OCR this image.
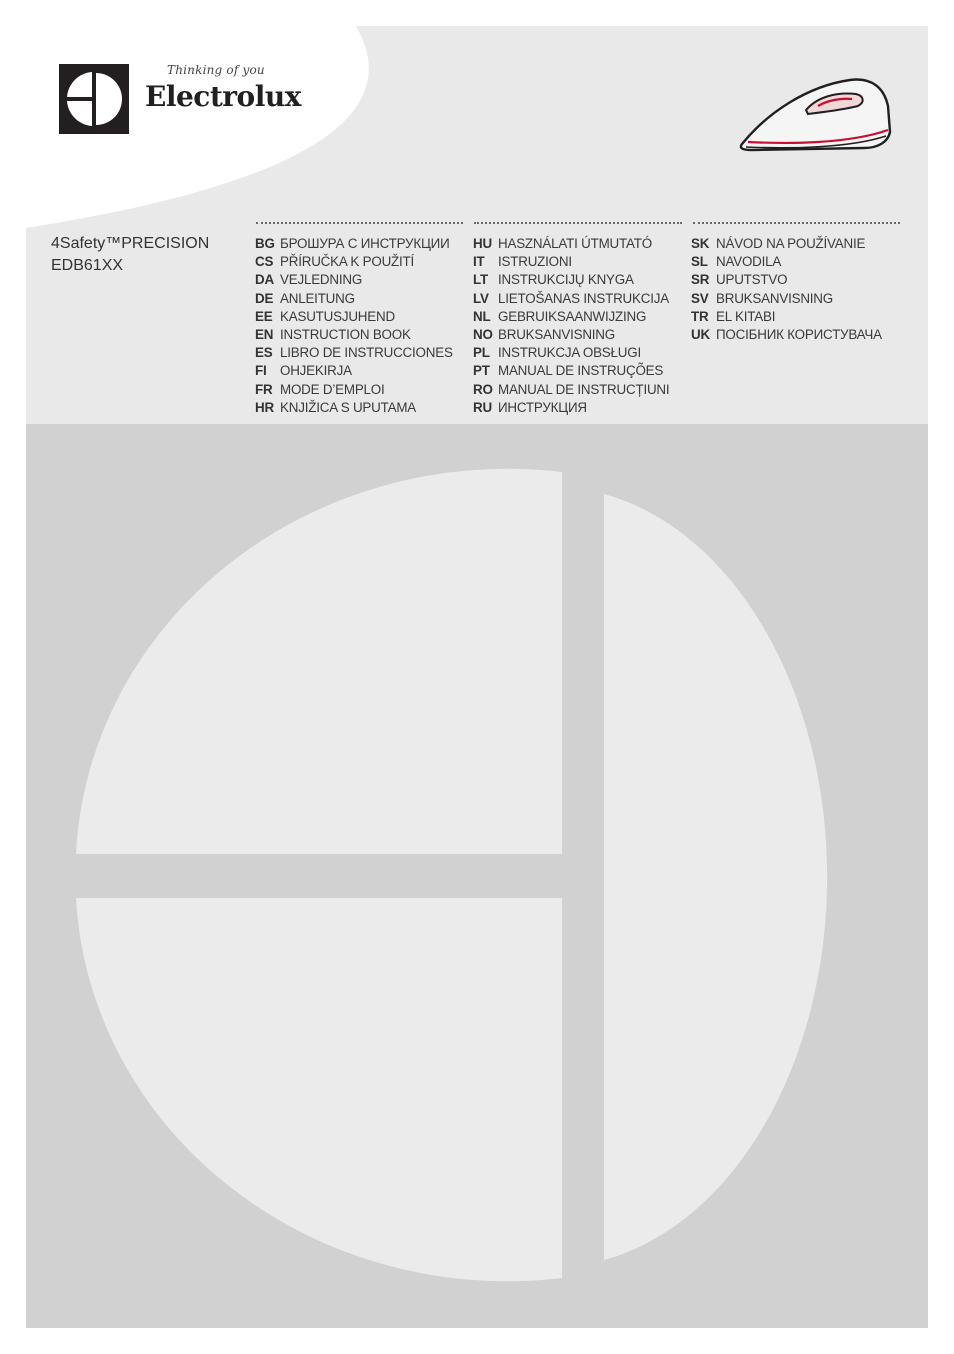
Thinking of you
Electrolux
4Safety™PRECISION
EDB61XX
BG БРОШУРА С ИНСТРУКЦИИ
CS PŘÍRUČKA K POUŽITÍ
DA VEJLEDNING
DE ANLEITUNG
EE KASUTUSJUHEND
EN INSTRUCTION BOOK
ES LIBRO DE INSTRUCCIONES
FI OHJEKIRJA
FR MODE D’EMPLOI
HR KNJIŽICA S UPUTAMA
HU HASZNÁLATI ÚTMUTATÓ
IT ISTRUZIONI
LT INSTRUKCIJŲ KNYGA
LV LIETOŠANAS INSTRUKCIJA
NL GEBRUIKSAANWIJZING
NO BRUKSANVISNING
PL INSTRUKCJA OBSŁUGI
PT MANUAL DE INSTRUÇÕES
RO MANUAL DE INSTRUCȚIUNI
RU ИНСТРУКЦИЯ
SK NÁVOD NA POUŽÍVANIE
SL NAVODILA
SR UPUTSTVO
SV BRUKSANVISNING
TR EL KITABI
UK ПОСІБНИК КОРИСТУВАЧА
